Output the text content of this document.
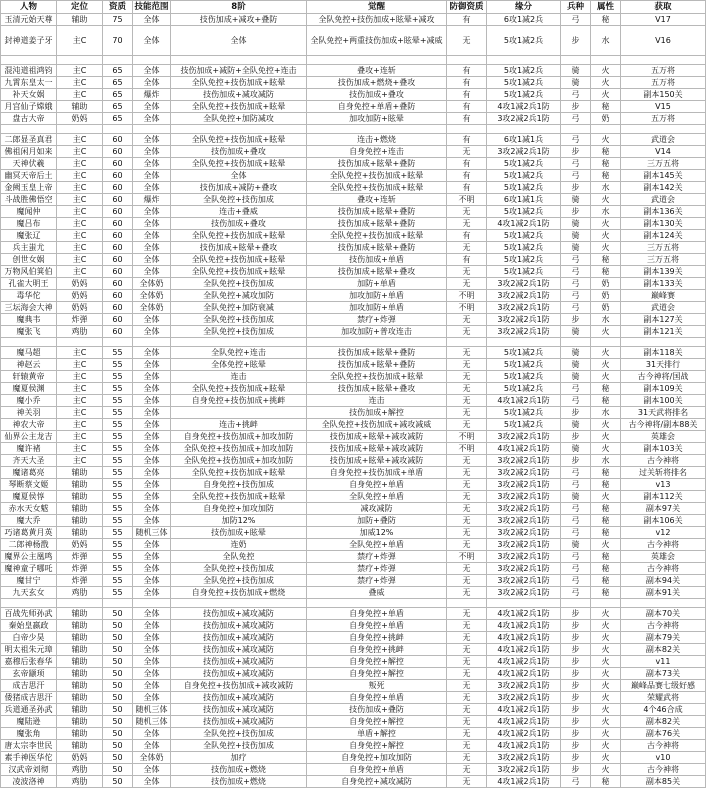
人物	定位	资质	技能范围	8阶	觉醒	防御资质	缘分	兵种	属性	获取
玉清元始天尊	辅助	75	全体	技伤加成+减攻+叠防	全队免控+技伤加成+眩晕+减攻	有	6攻1减2兵	弓	秘	V17
封神道姜子牙	主C	70	全体	全体	全队免控+两重技伤加成+眩晕+减威	无	5攻1减2兵	步	水	V16

混沌道祖鸿钧	主C	65	全体	技伤加成+减防+全队免控+连击	叠攻+连斩	有	5攻1减2兵	骑	火	五万将
九霄东皇太一	主C	65	全体	全队免控+技伤加成+眩晕	技伤加成+燃烧+叠攻	有	5攻1减2兵	骑	火	五万将
补天女娲	主C	65	爆炸	技伤加成+减攻减防	技伤加成+叠攻	有	5攻1减2兵	弓	火	副本150关
月宫仙子嫦娥	辅助	65	全体	全队免控+技伤加成+眩晕	自身免控+单盾+叠防	有	4攻1减2兵1防	步	秘	V15
盘古大帝	奶妈	65	全体	全队免控+加防减攻	加攻加防+眩晕	有	3攻2减2兵1防	弓	奶	五万将

二郎显圣真君	主C	60	全体	全队免控+技伤加成+眩晕	连击+燃烧	有	6攻1减1兵	弓	火	武道会
佛祖闲月如来	主C	60	全体	技伤加成+叠攻	自身免控+连击	无	3攻2减2兵1防	步	秘	V14
天神伏羲	主C	60	全体	全队免控+技伤加成+眩晕	技伤加成+眩晕+叠防	有	5攻1减2兵	弓	秘	三万五将
幽冥天帝后土	主C	60	全体	全体	全队免控+技伤加成+眩晕	有	5攻1减2兵	弓	秘	副本145关
金阙玉皇上帝	主C	60	全体	技伤加成+减防+叠攻	全队免控+技伤加成+眩晕	有	5攻1减2兵	步	水	副本142关
斗战胜佛悟空	主C	60	爆炸	全队免控+技伤加成	叠攻+连斩	不明	6攻1减1兵	骑	火	武道会
魔闻仲	主C	60	全体	连击+叠威	技伤加成+眩晕+叠防	无	5攻1减2兵	步	水	副本136关
魔吕布	主C	60	全体	技伤加成+叠攻	技伤加成+眩晕+叠防	无	4攻1减2兵1防	骑	火	副本130关
魔张辽	主C	60	全体	全队免控+技伤加成+眩晕	全队免控+技伤加成+眩晕	有	5攻1减2兵	骑	火	副本124关
兵主蚩尤	主C	60	全体	技伤加成+眩晕+叠攻	技伤加成+眩晕+叠防	无	5攻1减2兵	骑	火	三万五将
创世女娲	主C	60	全体	全队免控+技伤加成+眩晕	技伤加成+单盾	有	5攻1减2兵	弓	秘	三万五将
万物风伯箕伯	主C	60	全体	全队免控+技伤加成+眩晕	技伤加成+眩晕+叠攻	无	5攻1减2兵	弓	秘	副本139关
孔雀大明王	奶妈	60	全体奶	全队免控+技伤加成	加防+单盾	无	3攻2减2兵1防	弓	奶	副本133关
毒华佗	奶妈	60	全体奶	全队免控+减攻加防	加攻加防+单盾	不明	3攻2减2兵1防	弓	奶	巅峰赛
三坛海会大神	奶妈	60	全体奶	全队免控+加防衰减	加攻加防+单盾	不明	3攻2减2兵1防	弓	奶	武道会
魔典韦	炸弹	60	全体	全队免控+技伤加成	禁疗+炸弹	无	3攻2减2兵1防	步	水	副本127关
魔张飞	鸡肋	60	全体	全队免控+技伤加成	加攻加防+普攻连击	无	3攻2减2兵1防	骑	火	副本121关

魔马超	主C	55	全体	全队免控+连击	技伤加成+眩晕+叠防	无	5攻1减2兵	骑	火	副本118关
神赵云	主C	55	全体	全体免控+眩晕	技伤加成+眩晕+叠防	无	5攻1减2兵	骑	火	31天排行
轩辕黄帝	主C	55	全体	连击	全队免控+技伤加成+眩晕	无	5攻1减2兵	骑	火	古今神将/国战
魔夏侯渊	主C	55	全体	全队免控+技伤加成+眩晕	技伤加成+眩晕+叠攻	无	5攻1减2兵	弓	秘	副本109关
魔小乔	主C	55	全体	自身免控+技伤加成+挑衅	连击	无	4攻1减2兵1防	弓	秘	副本100关
神关羽	主C	55	全体		技伤加成+解控	无	5攻1减2兵	步	水	31天武将排名
神农大帝	主C	55	全体	连击+挑衅	全队免控+技伤加成+减攻减威	无	5攻1减2兵	骑	火	古今神将/副本88关
仙界公主龙吉	主C	55	全体	自身免控+技伤加成+加攻加防	技伤加成+眩晕+减攻减防	不明	3攻2减2兵1防	步	火	英雄会
魔许褚	主C	55	全体	全队免控+技伤加成+加攻加防	技伤加成+眩晕+减攻减防	不明	4攻1减2兵1防	骑	火	副本103关
齐天大圣	主C	55	全体	全队免控+技伤加成+加攻加防	技伤加成+眩晕+减攻减防	无	3攻2减2兵1防	步	水	古今神将
魔诸葛亮	辅助	55	全体	全队免控+技伤加成+眩晕	自身免控+技伤加成+单盾	无	3攻2减2兵1防	弓	秘	过关斩将排名
琴断蔡文姬	辅助	55	全体	自身免控+技伤加成	自身免控+单盾	无	3攻2减2兵1防	弓	秘	v13
魔夏侯惇	辅助	55	全体	全队免控+技伤加成+眩晕	全队免控+单盾	无	3攻2减2兵1防	骑	火	副本112关
赤水天女魃	辅助	55	全体	自身免控+加攻加防	减攻减防	无	3攻2减2兵1防	弓	秘	副本97关
魔大乔	辅助	55	全体	加防12%	加防+叠防	无	3攻2减2兵1防	弓	秘	副本106关
巧诸葛黄月英	辅助	55	随机三体	技伤加成+眩晕	加威12%	无	3攻2减2兵1防	弓	秘	v12
二郎神杨戬	奶妈	55	全体	连奶	全队免控+单盾	无	3攻2减2兵1防	骑	火	古今神将
魔界公主凰鸣	炸弹	55	全体	全队免控	禁疗+炸弹	不明	3攻2减2兵1防	弓	秘	英雄会
魔神童子哪吒	炸弹	55	全体	全队免控+技伤加成	禁疗+炸弹	无	3攻2减2兵1防	弓	秘	古今神将
魔甘宁	炸弹	55	全体	全队免控+技伤加成	禁疗+炸弹	无	3攻2减2兵1防	弓	秘	副本94关
九天玄女	鸡肋	55	全体	自身免控+技伤加成+燃烧	叠威	无	3攻2减2兵1防	弓	秘	副本91关

百战先师孙武	辅助	50	全体	技伤加成+减攻减防	自身免控+单盾	无	4攻1减2兵1防	步	火	副本70关
秦始皇嬴政	辅助	50	全体	技伤加成+减攻减防	自身免控+单盾	无	4攻1减2兵1防	步	火	古今神将
白帝少昊	辅助	50	全体	技伤加成+减攻减防	自身免控+挑衅	无	4攻1减2兵1防	步	火	副本79关
明太祖朱元璋	辅助	50	全体	技伤加成+减攻减防	自身免控+挑衅	无	4攻1减2兵1防	步	火	副本82关
嘉穆后张春华	辅助	50	全体	技伤加成+减攻减防	自身免控+解控	无	4攻1减2兵1防	步	火	v11
玄帝颛顼	辅助	50	全体	技伤加成+减攻减防	自身免控+解控	无	4攻1减2兵1防	步	火	副本73关
成吉思汗	辅助	50	全体	自身免控+技伤加成+减攻减防	叛死	无	3攻2减2兵1防	步	火	巅峰品赛七级好感
倭猪成吉思汗	辅助	50	全体	技伤加成+减攻减防	自身免控+单盾	无	3攻2减2兵1防	步	火	荣耀武将
兵道通圣孙武	辅助	50	随机三体	技伤加成+减攻减防	技伤加成+叠防	无	4攻1减2兵1防	步	火	4个46合成
魔陆逊	辅助	50	随机三体	技伤加成+减攻减防	自身免控+解控	无	4攻1减2兵1防	步	火	副本82关
魔张角	辅助	50	全体	全队免控+技伤加成	单盾+解控	无	4攻1减2兵1防	步	火	副本76关
唐太宗李世民	辅助	50	全体	全队免控+技伤加成	自身免控+解控	无	4攻1减2兵1防	步	火	古今神将
素手神医华佗	奶妈	50	全体奶	加疗	自身免控+加攻加防	无	3攻2减2兵1防	步	火	v10
汉武帝刘彻	鸡肋	50	全体	技伤加成+燃烧	自身免控+单盾	无	3攻2减2兵1防	步	火	古今神将
凌波洛神	鸡肋	50	全体	技伤加成+燃烧	自身免控+减攻减防	无	4攻1减2兵1防	弓	秘	副本85关
